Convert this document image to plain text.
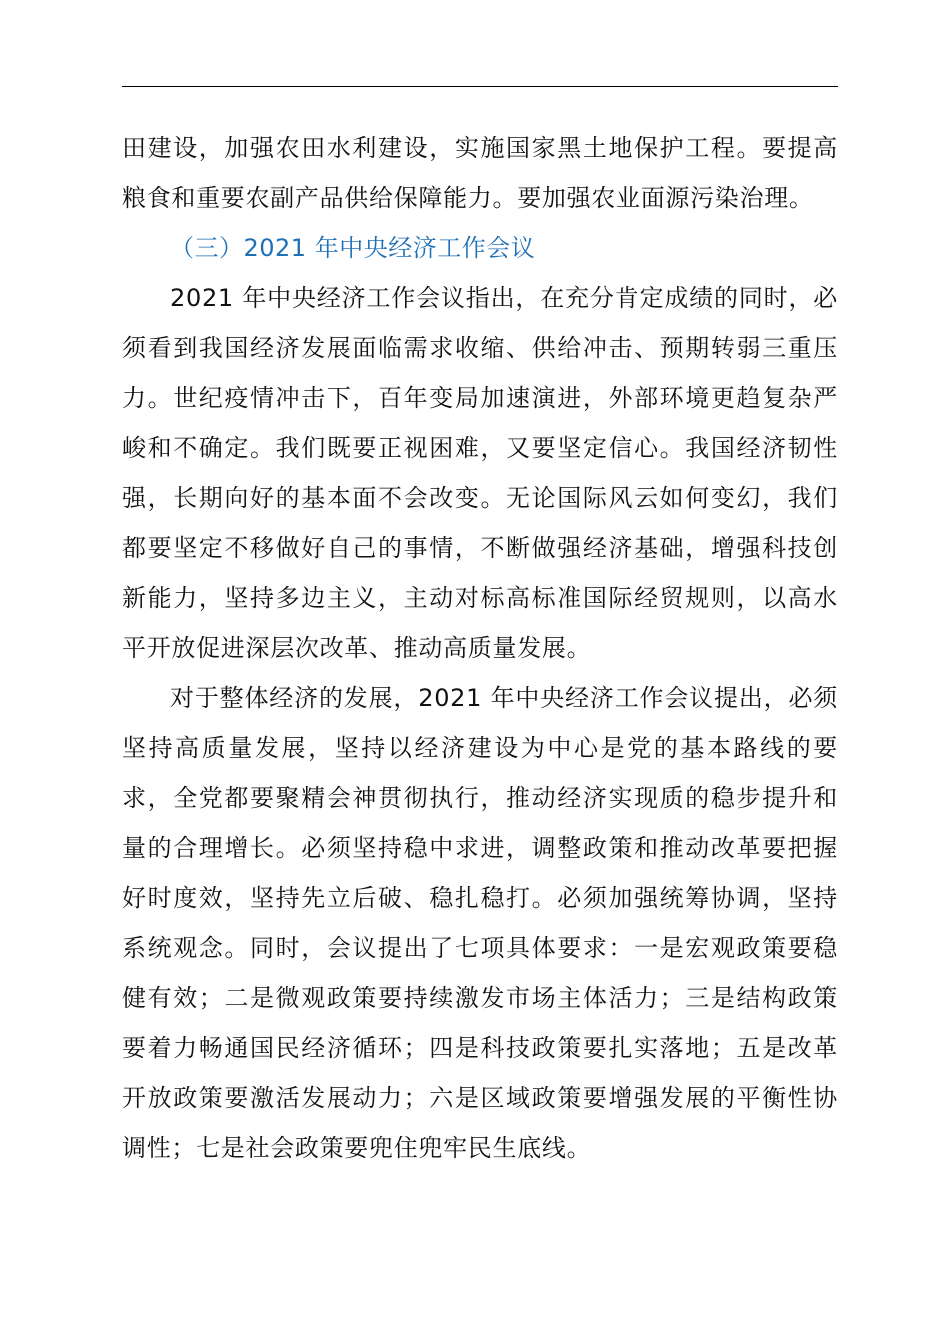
田建设，加强农田水利建设，实施国家黑土地保护工程。要提高粮食和重要农副产品供给保障能力。要加强农业面源污染治理。

（三）2021 年中央经济工作会议

2021 年中央经济工作会议指出，在充分肯定成绩的同时，必须看到我国经济发展面临需求收缩、供给冲击、预期转弱三重压力。世纪疫情冲击下，百年变局加速演进，外部环境更趋复杂严峻和不确定。我们既要正视困难，又要坚定信心。我国经济韧性强，长期向好的基本面不会改变。无论国际风云如何变幻，我们都要坚定不移做好自己的事情，不断做强经济基础，增强科技创新能力，坚持多边主义，主动对标高标准国际经贸规则，以高水平开放促进深层次改革、推动高质量发展。

对于整体经济的发展，2021 年中央经济工作会议提出，必须坚持高质量发展，坚持以经济建设为中心是党的基本路线的要求，全党都要聚精会神贯彻执行，推动经济实现质的稳步提升和量的合理增长。必须坚持稳中求进，调整政策和推动改革要把握好时度效，坚持先立后破、稳扎稳打。必须加强统筹协调，坚持系统观念。同时，会议提出了七项具体要求：一是宏观政策要稳健有效；二是微观政策要持续激发市场主体活力；三是结构政策要着力畅通国民经济循环；四是科技政策要扎实落地；五是改革开放政策要激活发展动力；六是区域政策要增强发展的平衡性协调性；七是社会政策要兜住兜牢民生底线。
